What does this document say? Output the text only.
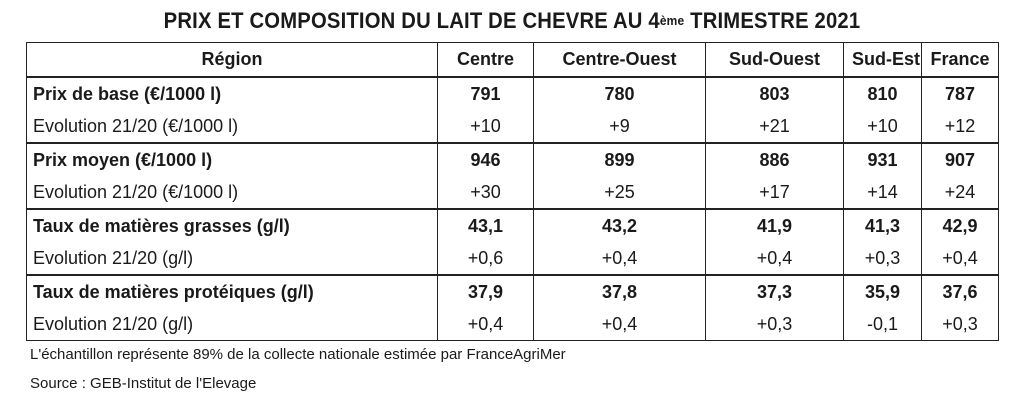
PRIX ET COMPOSITION DU LAIT DE CHEVRE AU 4ème TRIMESTRE 2021
Région	Centre	Centre-Ouest	Sud-Ouest	Sud-Est	France
Prix de base (€/1000 l)	791	780	803	810	787
Evolution 21/20 (€/1000 l)	+10	+9	+21	+10	+12
Prix moyen (€/1000 l)	946	899	886	931	907
Evolution 21/20 (€/1000 l)	+30	+25	+17	+14	+24
Taux de matières grasses (g/l)	43,1	43,2	41,9	41,3	42,9
Evolution 21/20 (g/l)	+0,6	+0,4	+0,4	+0,3	+0,4
Taux de matières protéiques (g/l)	37,9	37,8	37,3	35,9	37,6
Evolution 21/20 (g/l)	+0,4	+0,4	+0,3	-0,1	+0,3
L'échantillon représente 89% de la collecte nationale estimée par FranceAgriMer
Source : GEB-Institut de l'Elevage
